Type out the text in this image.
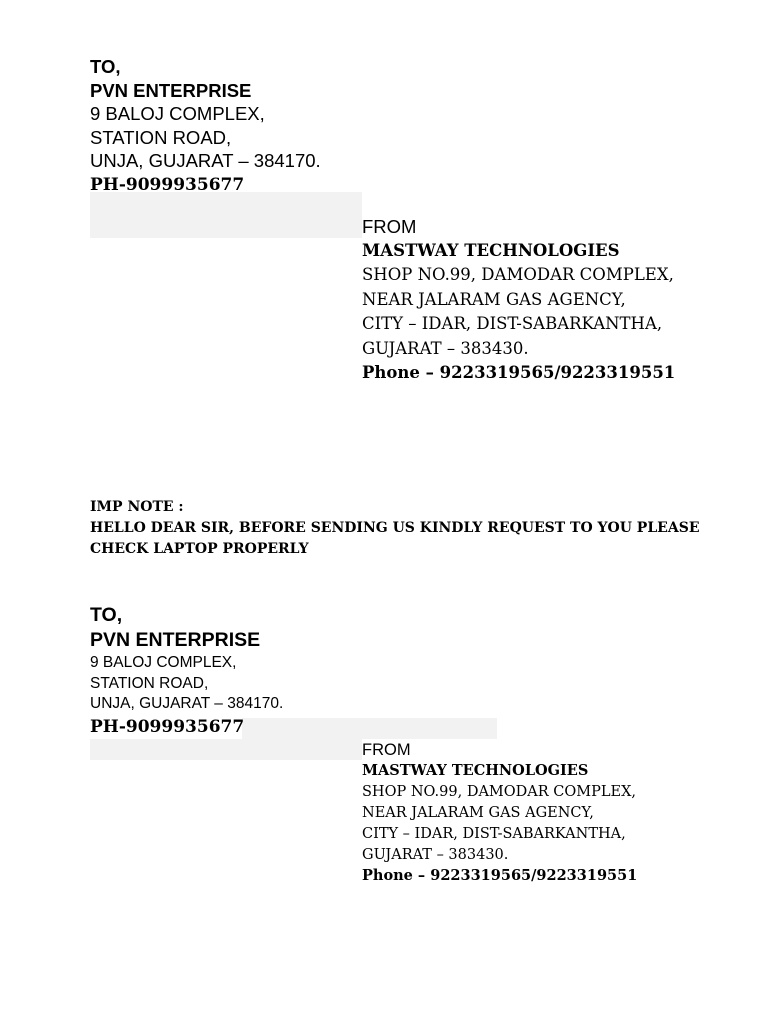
TO,
PVN ENTERPRISE
9 BALOJ COMPLEX,
STATION ROAD,
UNJA, GUJARAT – 384170.
PH-9099935677
FROM
MASTWAY TECHNOLOGIES
SHOP NO.99, DAMODAR COMPLEX,
NEAR JALARAM GAS AGENCY,
CITY – IDAR, DIST-SABARKANTHA,
GUJARAT – 383430.
Phone – 9223319565/9223319551
IMP NOTE :
HELLO DEAR SIR, BEFORE SENDING US KINDLY REQUEST TO YOU PLEASE
CHECK LAPTOP PROPERLY
TO,
PVN ENTERPRISE
9 BALOJ COMPLEX,
STATION ROAD,
UNJA, GUJARAT – 384170.
PH-9099935677
FROM
MASTWAY TECHNOLOGIES
SHOP NO.99, DAMODAR COMPLEX,
NEAR JALARAM GAS AGENCY,
CITY – IDAR, DIST-SABARKANTHA,
GUJARAT – 383430.
Phone – 9223319565/9223319551
